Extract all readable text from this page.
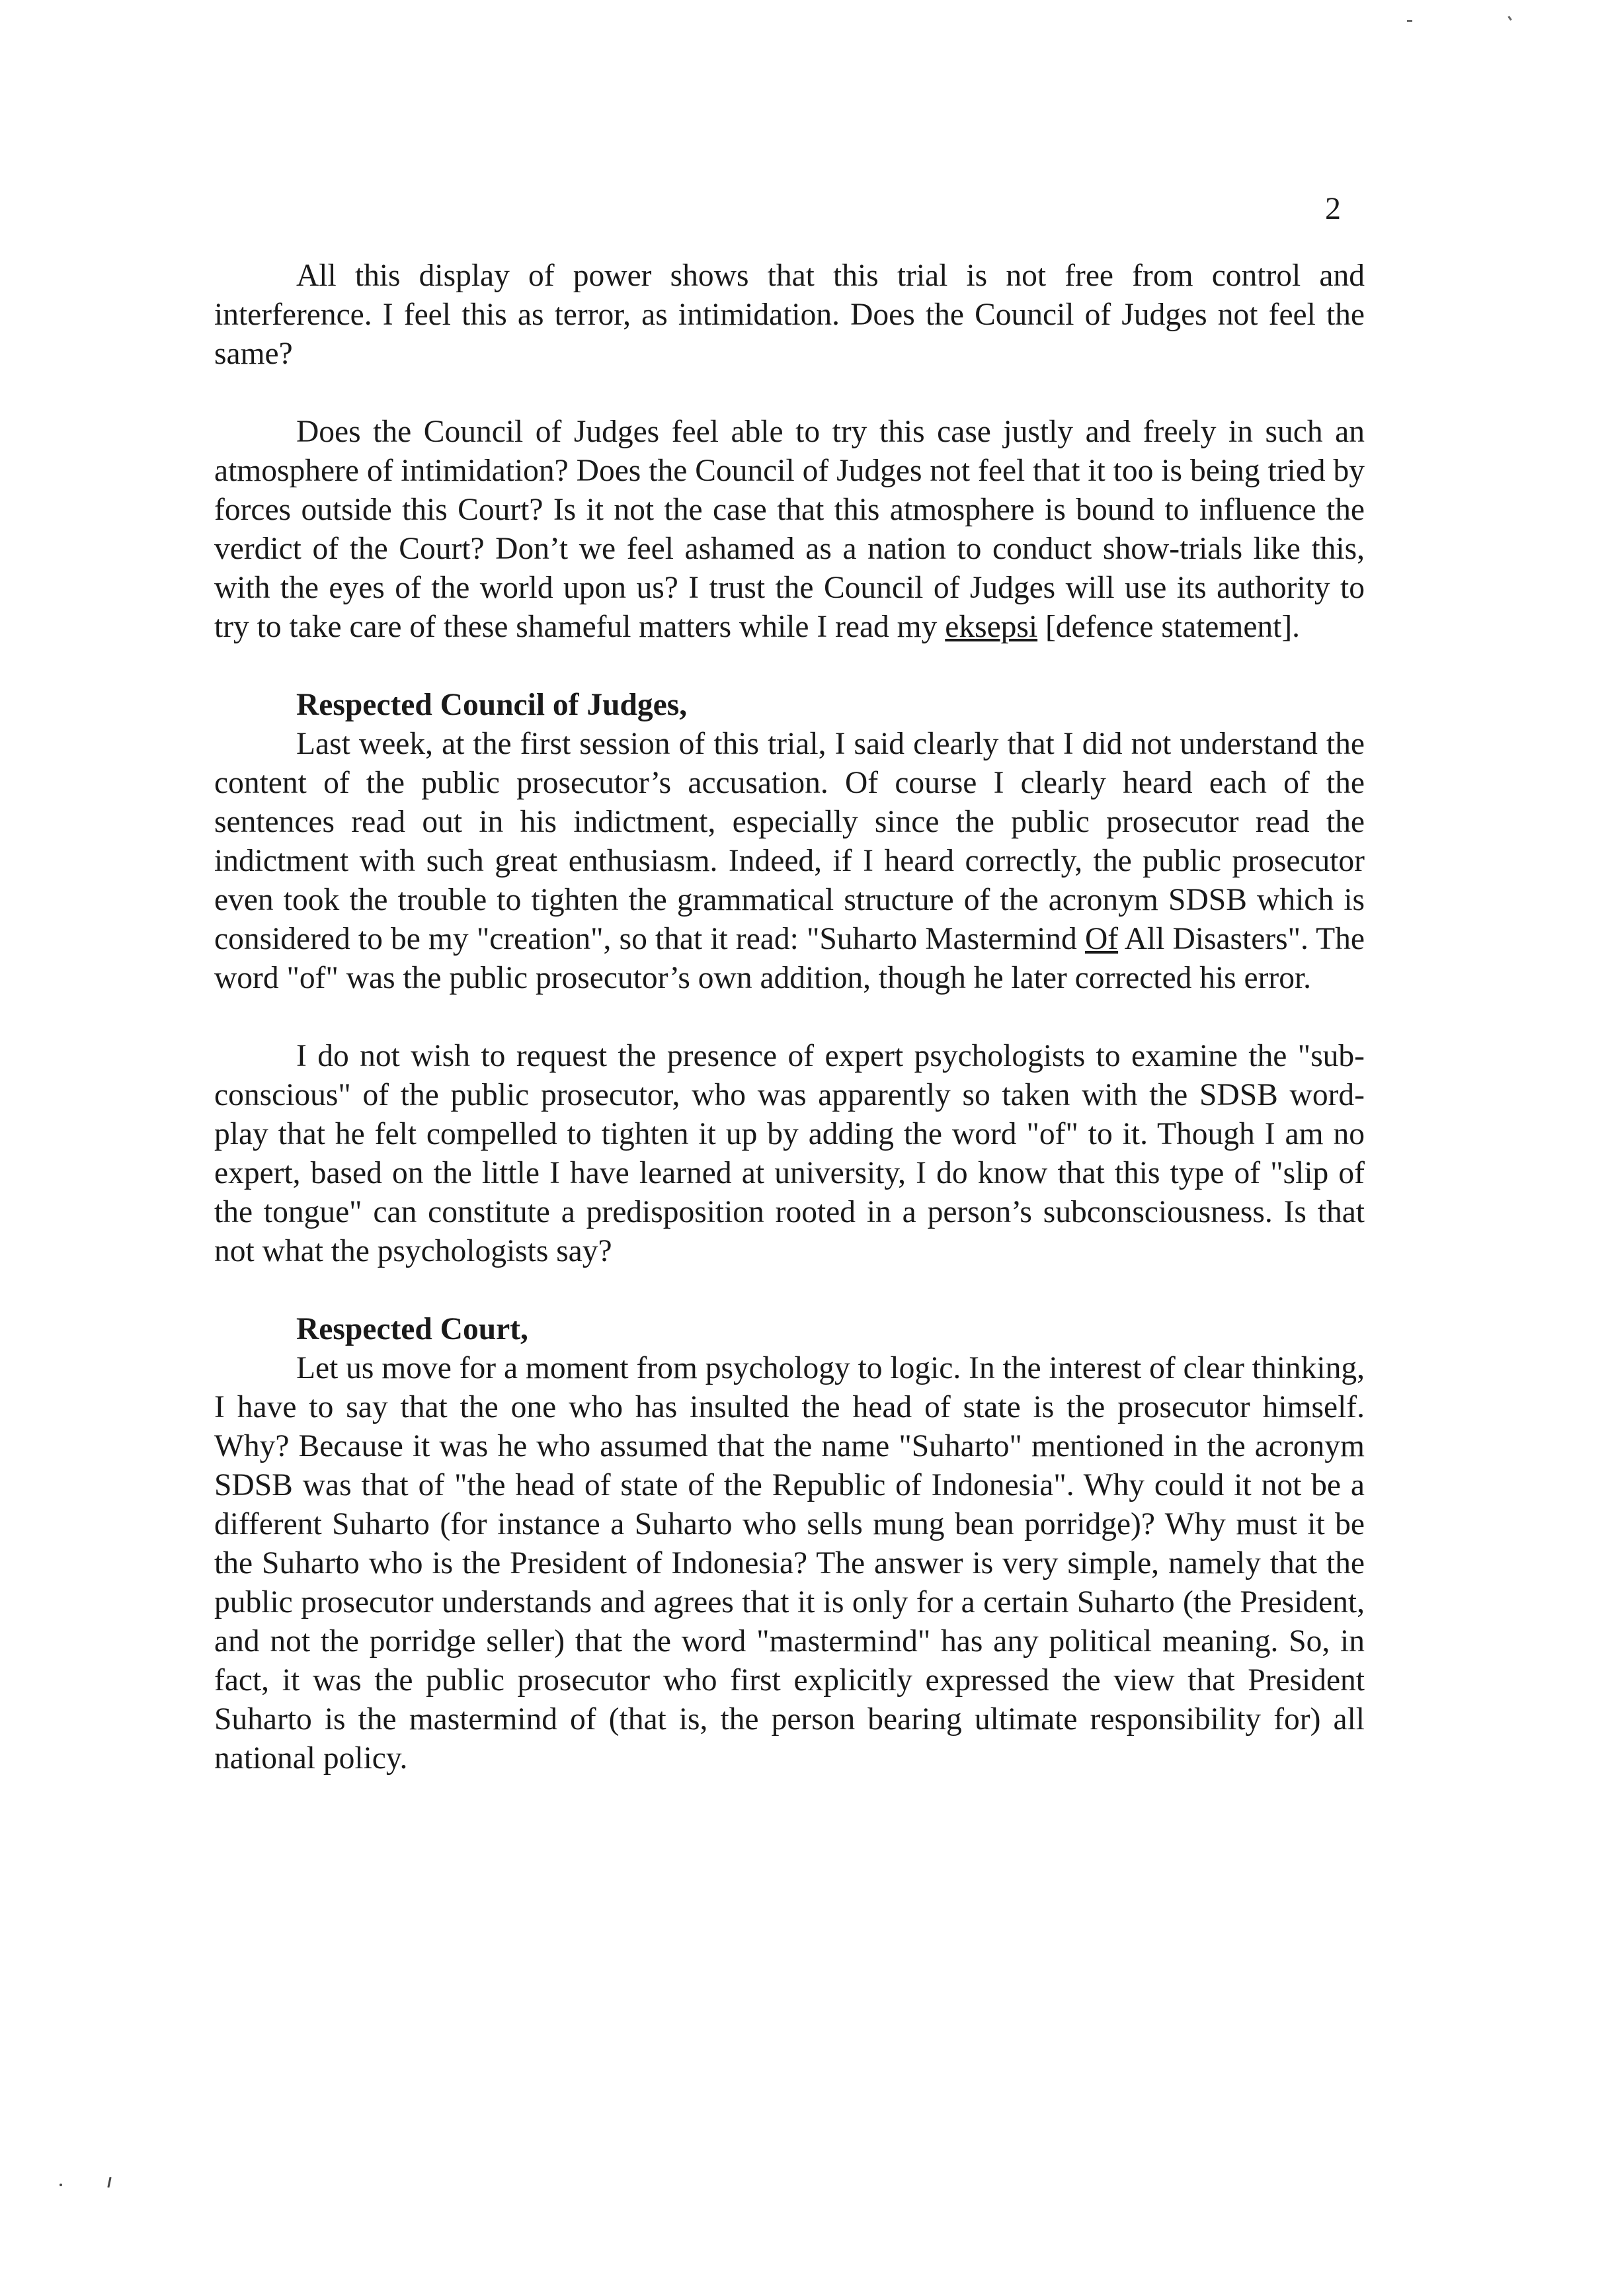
2

All this display of power shows that this trial is not free from control and interference. I feel this as terror, as intimidation. Does the Council of Judges not feel the same?

Does the Council of Judges feel able to try this case justly and freely in such an atmosphere of intimidation? Does the Council of Judges not feel that it too is being tried by forces outside this Court? Is it not the case that this atmosphere is bound to influence the verdict of the Court? Don’t we feel ashamed as a nation to conduct show-trials like this, with the eyes of the world upon us? I trust the Council of Judges will use its authority to try to take care of these shameful matters while I read my eksepsi [defence statement].

Respected Council of Judges,

Last week, at the first session of this trial, I said clearly that I did not understand the content of the public prosecutor’s accusation. Of course I clearly heard each of the sentences read out in his indictment, especially since the public prosecutor read the indictment with such great enthusiasm. Indeed, if I heard correctly, the public prosecutor even took the trouble to tighten the grammatical structure of the acronym SDSB which is considered to be my "creation", so that it read: "Suharto Mastermind Of All Disasters". The word "of" was the public prosecutor’s own addition, though he later corrected his error.

I do not wish to request the presence of expert psychologists to examine the "sub-conscious" of the public prosecutor, who was apparently so taken with the SDSB word-play that he felt compelled to tighten it up by adding the word "of" to it. Though I am no expert, based on the little I have learned at university, I do know that this type of "slip of the tongue" can constitute a predisposition rooted in a person’s subconsciousness. Is that not what the psychologists say?

Respected Court,

Let us move for a moment from psychology to logic. In the interest of clear thinking, I have to say that the one who has insulted the head of state is the prosecutor himself. Why? Because it was he who assumed that the name "Suharto" mentioned in the acronym SDSB was that of "the head of state of the Republic of Indonesia". Why could it not be a different Suharto (for instance a Suharto who sells mung bean porridge)? Why must it be the Suharto who is the President of Indonesia? The answer is very simple, namely that the public prosecutor understands and agrees that it is only for a certain Suharto (the President, and not the porridge seller) that the word "mastermind" has any political meaning. So, in fact, it was the public prosecutor who first explicitly expressed the view that President Suharto is the mastermind of (that is, the person bearing ultimate responsibility for) all national policy.
